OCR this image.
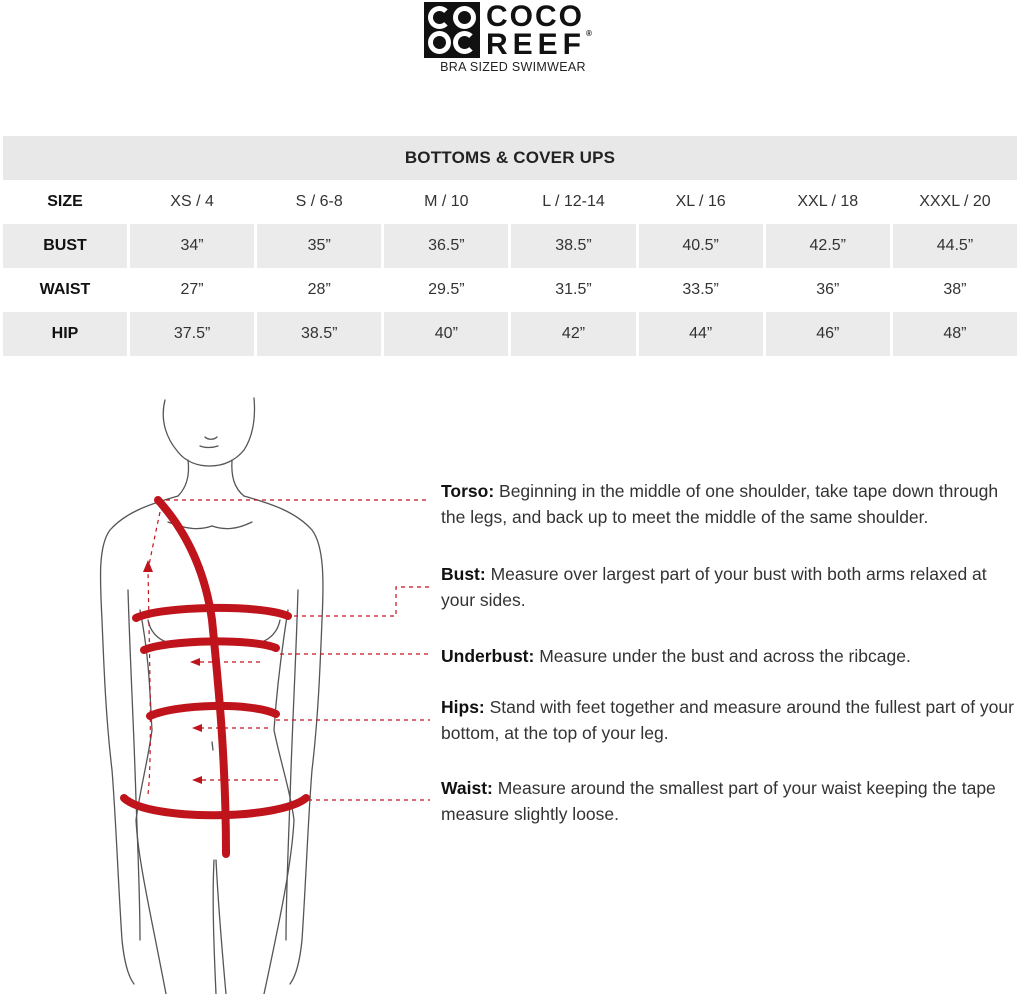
COCO
REEF®
BRA SIZED SWIMWEAR
BOTTOMS & COVER UPS							
SIZE	XS / 4	S / 6-8	M / 10	L / 12-14	XL / 16	XXL / 18	XXXL / 20
BUST	34”	35”	36.5”	38.5”	40.5”	42.5”	44.5”
WAIST	27”	28”	29.5”	31.5”	33.5”	36”	38”
HIP	37.5”	38.5”	40”	42”	44”	46”	48”
Torso: Beginning in the middle of one shoulder, take tape down through the legs, and back up to meet the middle of the same shoulder.
Bust: Measure over largest part of your bust with both arms relaxed at your sides.
Underbust: Measure under the bust and across the ribcage.
Hips: Stand with feet together and measure around the fullest part of your bottom, at the top of your leg.
Waist: Measure around the smallest part of your waist keeping the tape measure slightly loose.
